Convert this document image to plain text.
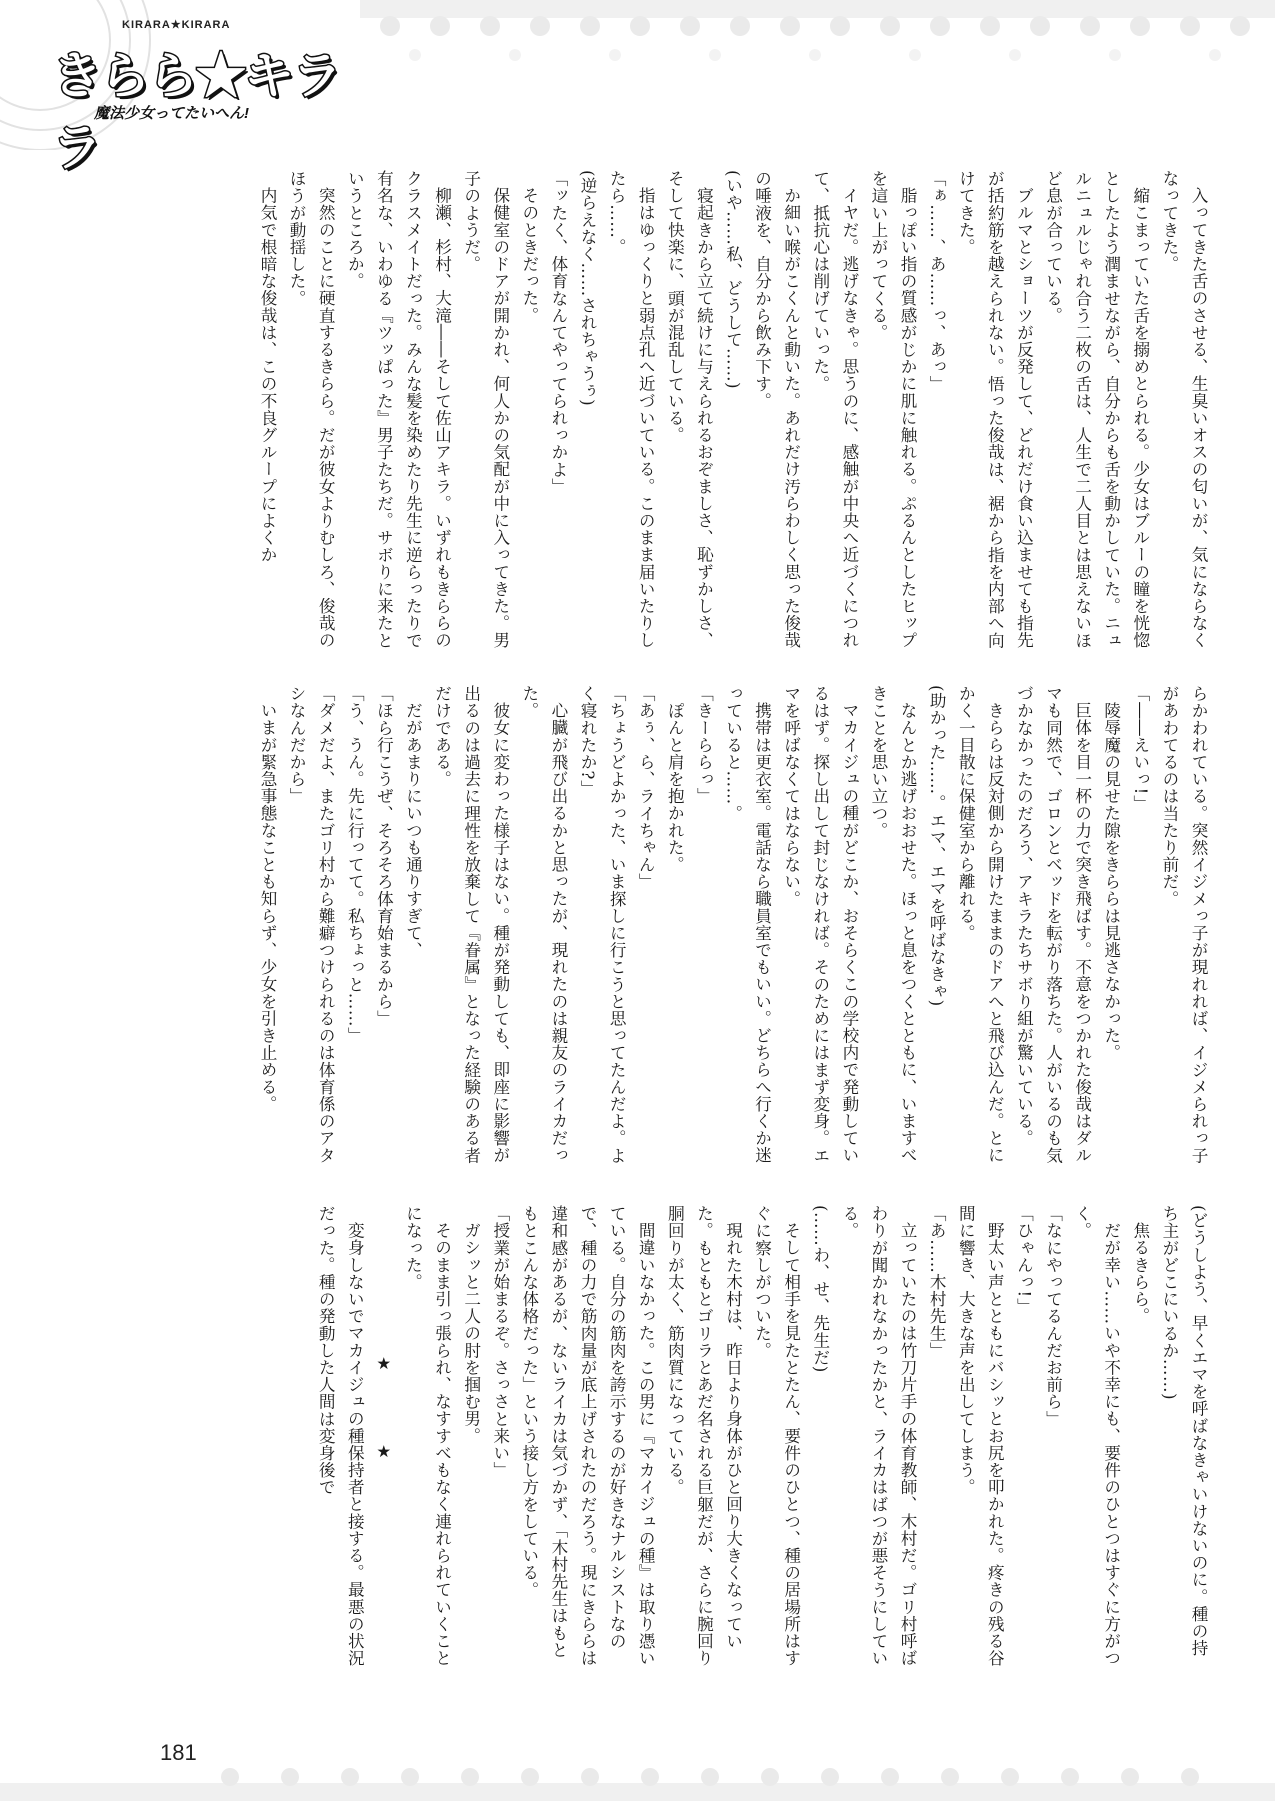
KIRARA★KIRARA
きらら★キララ
魔法少女ってたいへん!

入ってきた舌のさせる、生臭いオスの匂いが、気にならなくなってきた。

縮こまっていた舌を搦めとられる。少女はブルーの瞳を恍惚としたよう潤ませながら、自分からも舌を動かしていた。ニュルニュルじゃれ合う二枚の舌は、人生で二人目とは思えないほど息が合っている。

ブルマとショーツが反発して、どれだけ食い込ませても指先が括約筋を越えられない。悟った俊哉は、裾から指を内部へ向けてきた。

「ぁ……、あ……っ、あっ」

脂っぽい指の質感がじかに肌に触れる。ぷるんとしたヒップを這い上がってくる。

イヤだ。逃げなきゃ。思うのに、感触が中央へ近づくにつれて、抵抗心は削げていった。

か細い喉がこくんと動いた。あれだけ汚らわしく思った俊哉の唾液を、自分から飲み下す。

(いや……私、どうして……)

寝起きから立て続けに与えられるおぞましさ、恥ずかしさ、そして快楽に、頭が混乱している。

指はゆっくりと弱点孔へ近づいている。このまま届いたりしたら……。

(逆らえなく……されちゃうぅ)

「ッたく、体育なんてやってられっかよ」

そのときだった。

保健室のドアが開かれ、何人かの気配が中に入ってきた。男子のようだ。

柳瀬、杉村、大滝――そして佐山アキラ。いずれもきららのクラスメイトだった。みんな髪を染めたり先生に逆らったりで有名な、いわゆる『ツッぱった』男子たちだ。サボりに来たというところか。

突然のことに硬直するきらら。だが彼女よりむしろ、俊哉のほうが動揺した。

内気で根暗な俊哉は、この不良グループによくか

らかわれている。突然イジメっ子が現れれば、イジメられっ子があわてるのは当たり前だ。

「――えいっ!」

陵辱魔の見せた隙をきららは見逃さなかった。

巨体を目一杯の力で突き飛ばす。不意をつかれた俊哉はダルマも同然で、ゴロンとベッドを転がり落ちた。人がいるのも気づかなかったのだろう、アキラたちサボり組が驚いている。

きららは反対側から開けたままのドアへと飛び込んだ。とにかく一目散に保健室から離れる。

(助かった……。エマ、エマを呼ばなきゃ)

なんとか逃げおおせた。ほっと息をつくとともに、いますべきことを思い立つ。

マカイジュの種がどこか、おそらくこの学校内で発動しているはず。探し出して封じなければ。そのためにはまず変身。エマを呼ばなくてはならない。

携帯は更衣室。電話なら職員室でもいい。どちらへ行くか迷っていると……。

「きーららっ」

ぽんと肩を抱かれた。

「あぅ、ら、ライちゃん」

「ちょうどよかった、いま探しに行こうと思ってたんだよ。よく寝れたか?」

心臓が飛び出るかと思ったが、現れたのは親友のライカだった。

彼女に変わった様子はない。種が発動しても、即座に影響が出るのは過去に理性を放棄して『眷属』となった経験のある者だけである。

だがあまりにいつも通りすぎて、

「ほら行こうぜ、そろそろ体育始まるから」

「う、うん。先に行ってて。私ちょっと……」

「ダメだよ、またゴリ村から難癖つけられるのは体育係のアタシなんだから」

いまが緊急事態なことも知らず、少女を引き止める。

(どうしよう、早くエマを呼ばなきゃいけないのに。種の持ち主がどこにいるか……)

焦るきらら。

だが幸い……いや不幸にも、要件のひとつはすぐに方がつく。

「なにやってるんだお前ら」

「ひゃんっ!」

野太い声とともにバシッとお尻を叩かれた。疼きの残る谷間に響き、大きな声を出してしまう。

「あ……木村先生」

立っていたのは竹刀片手の体育教師、木村だ。ゴリ村呼ばわりが聞かれなかったかと、ライカはばつが悪そうにしている。

(……わ、せ、先生だ)

そして相手を見たとたん、要件のひとつ、種の居場所はすぐに察しがついた。

現れた木村は、昨日より身体がひと回り大きくなっていた。もともとゴリラとあだ名される巨躯だが、さらに腕回り胴回りが太く、筋肉質になっている。

間違いなかった。この男に『マカイジュの種』は取り憑いている。自分の筋肉を誇示するのが好きなナルシストなので、種の力で筋肉量が底上げされたのだろう。現にきららは違和感があるが、ないライカは気づかず、「木村先生はもともとこんな体格だった」という接し方をしている。

「授業が始まるぞ。さっさと来い」

ガシッと二人の肘を掴む男。

そのまま引っ張られ、なすすべもなく連れられていくことになった。

★　　　　★

変身しないでマカイジュの種保持者と接する。最悪の状況だった。種の発動した人間は変身後で

181
